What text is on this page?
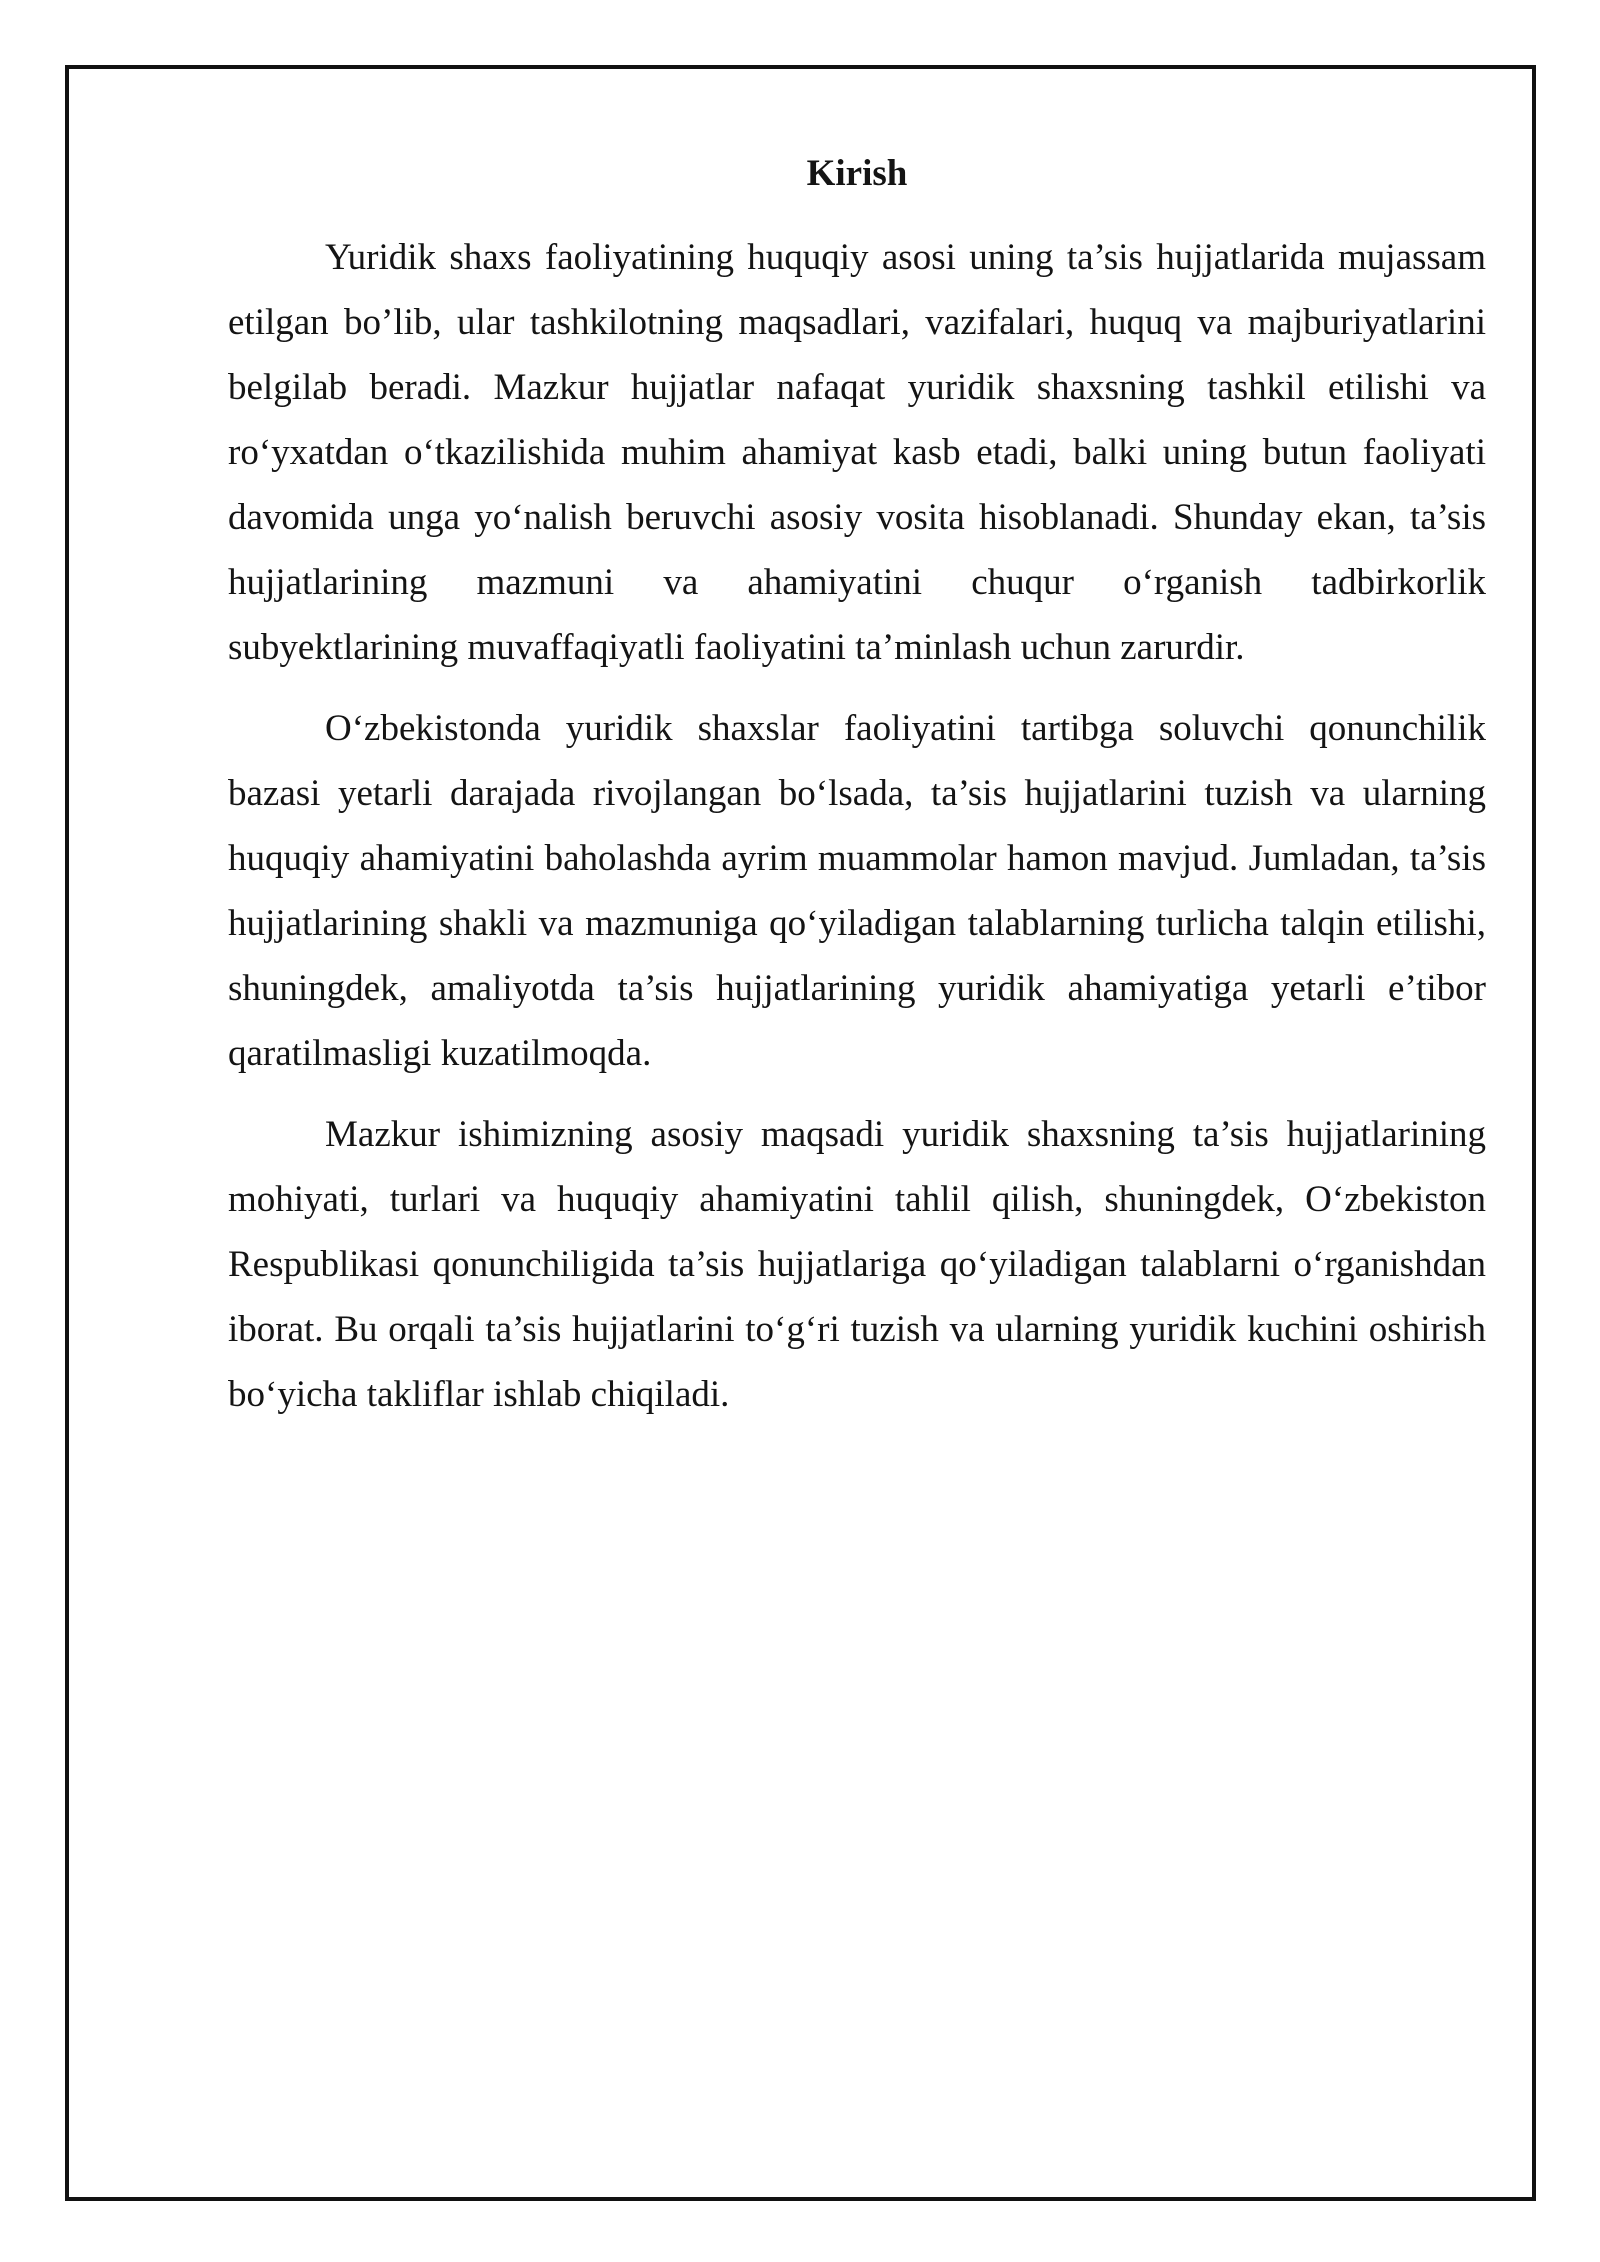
Kirish
Yuridik shaxs faoliyatining huquqiy asosi uning ta’sis hujjatlarida mujassam
etilgan bo’lib, ular tashkilotning maqsadlari, vazifalari, huquq va majburiyatlarini
belgilab beradi. Mazkur hujjatlar nafaqat yuridik shaxsning tashkil etilishi va
ro‘yxatdan o‘tkazilishida muhim ahamiyat kasb etadi, balki uning butun faoliyati
davomida unga yo‘nalish beruvchi asosiy vosita hisoblanadi. Shunday ekan, ta’sis
hujjatlarining mazmuni va ahamiyatini chuqur o‘rganish tadbirkorlik
subyektlarining muvaffaqiyatli faoliyatini ta’minlash uchun zarurdir.
O‘zbekistonda yuridik shaxslar faoliyatini tartibga soluvchi qonunchilik
bazasi yetarli darajada rivojlangan bo‘lsada, ta’sis hujjatlarini tuzish va ularning
huquqiy ahamiyatini baholashda ayrim muammolar hamon mavjud. Jumladan, ta’sis
hujjatlarining shakli va mazmuniga qo‘yiladigan talablarning turlicha talqin etilishi,
shuningdek, amaliyotda ta’sis hujjatlarining yuridik ahamiyatiga yetarli e’tibor
qaratilmasligi kuzatilmoqda.
Mazkur ishimizning asosiy maqsadi yuridik shaxsning ta’sis hujjatlarining
mohiyati, turlari va huquqiy ahamiyatini tahlil qilish, shuningdek, O‘zbekiston
Respublikasi qonunchiligida ta’sis hujjatlariga qo‘yiladigan talablarni o‘rganishdan
iborat. Bu orqali ta’sis hujjatlarini to‘g‘ri tuzish va ularning yuridik kuchini oshirish
bo‘yicha takliflar ishlab chiqiladi.
